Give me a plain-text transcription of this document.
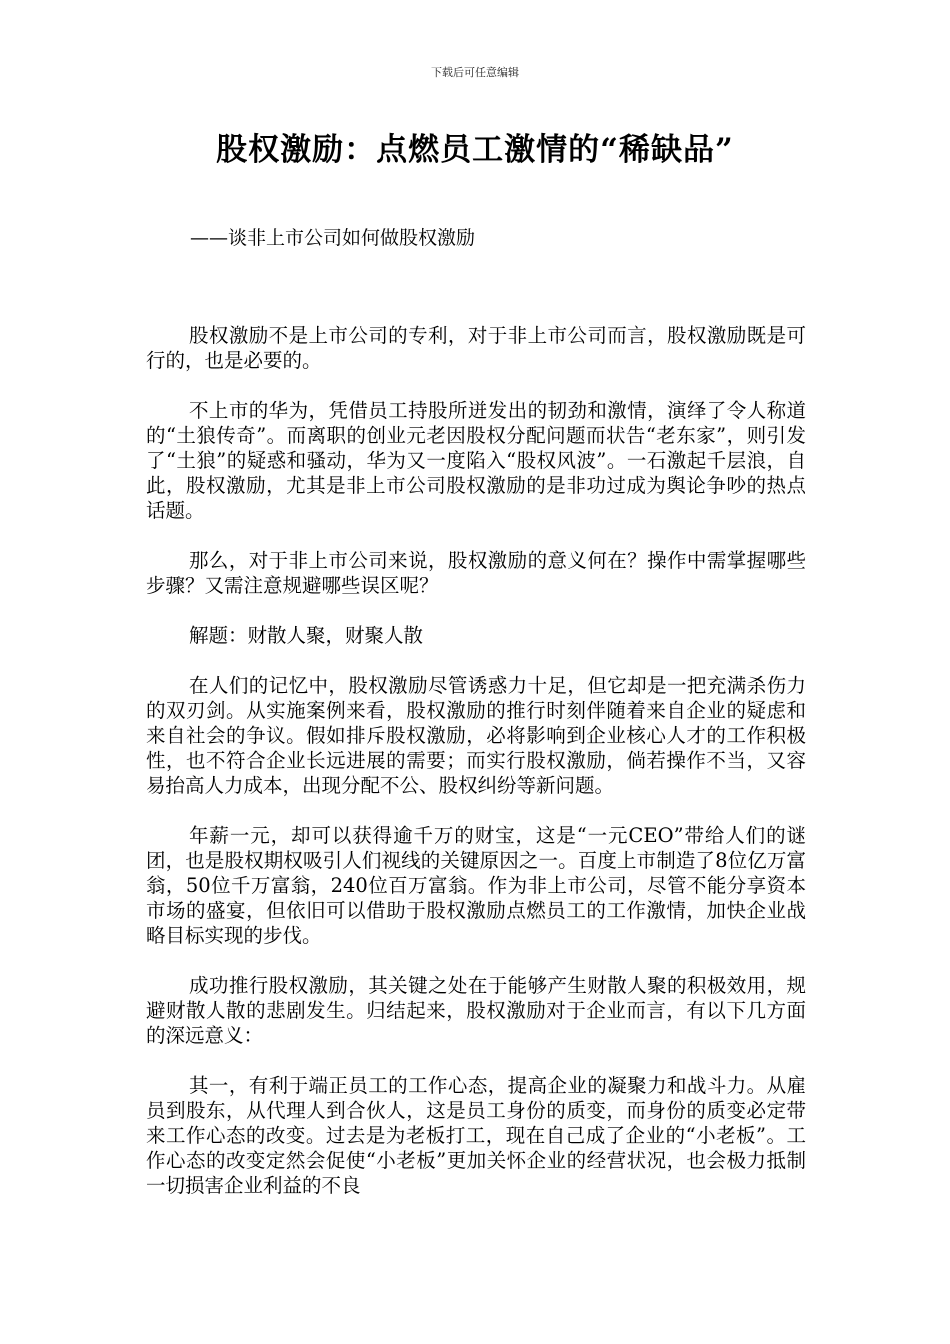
下载后可任意编辑
股权激励：点燃员工激情的“稀缺品”
——谈非上市公司如何做股权激励

股权激励不是上市公司的专利，对于非上市公司而言，股权激励既是可行的，也是必要的。

不上市的华为，凭借员工持股所迸发出的韧劲和激情，演绎了令人称道的“土狼传奇”。而离职的创业元老因股权分配问题而状告“老东家”，则引发了“土狼”的疑惑和骚动，华为又一度陷入“股权风波”。一石激起千层浪，自此，股权激励，尤其是非上市公司股权激励的是非功过成为舆论争吵的热点话题。

那么，对于非上市公司来说，股权激励的意义何在？操作中需掌握哪些步骤？又需注意规避哪些误区呢？

解题：财散人聚，财聚人散

在人们的记忆中，股权激励尽管诱惑力十足，但它却是一把充满杀伤力的双刃剑。从实施案例来看，股权激励的推行时刻伴随着来自企业的疑虑和来自社会的争议。假如排斥股权激励，必将影响到企业核心人才的工作积极性，也不符合企业长远进展的需要；而实行股权激励，倘若操作不当，又容易抬高人力成本，出现分配不公、股权纠纷等新问题。

年薪一元，却可以获得逾千万的财宝，这是“一元CEO”带给人们的谜团，也是股权期权吸引人们视线的关键原因之一。百度上市制造了8位亿万富翁，50位千万富翁，240位百万富翁。作为非上市公司，尽管不能分享资本市场的盛宴，但依旧可以借助于股权激励点燃员工的工作激情，加快企业战略目标实现的步伐。

成功推行股权激励，其关键之处在于能够产生财散人聚的积极效用，规避财散人散的悲剧发生。归结起来，股权激励对于企业而言，有以下几方面的深远意义：

其一，有利于端正员工的工作心态，提高企业的凝聚力和战斗力。从雇员到股东，从代理人到合伙人，这是员工身份的质变，而身份的质变必定带来工作心态的改变。过去是为老板打工，现在自己成了企业的“小老板”。工作心态的改变定然会促使“小老板”更加关怀企业的经营状况，也会极力抵制一切损害企业利益的不良
